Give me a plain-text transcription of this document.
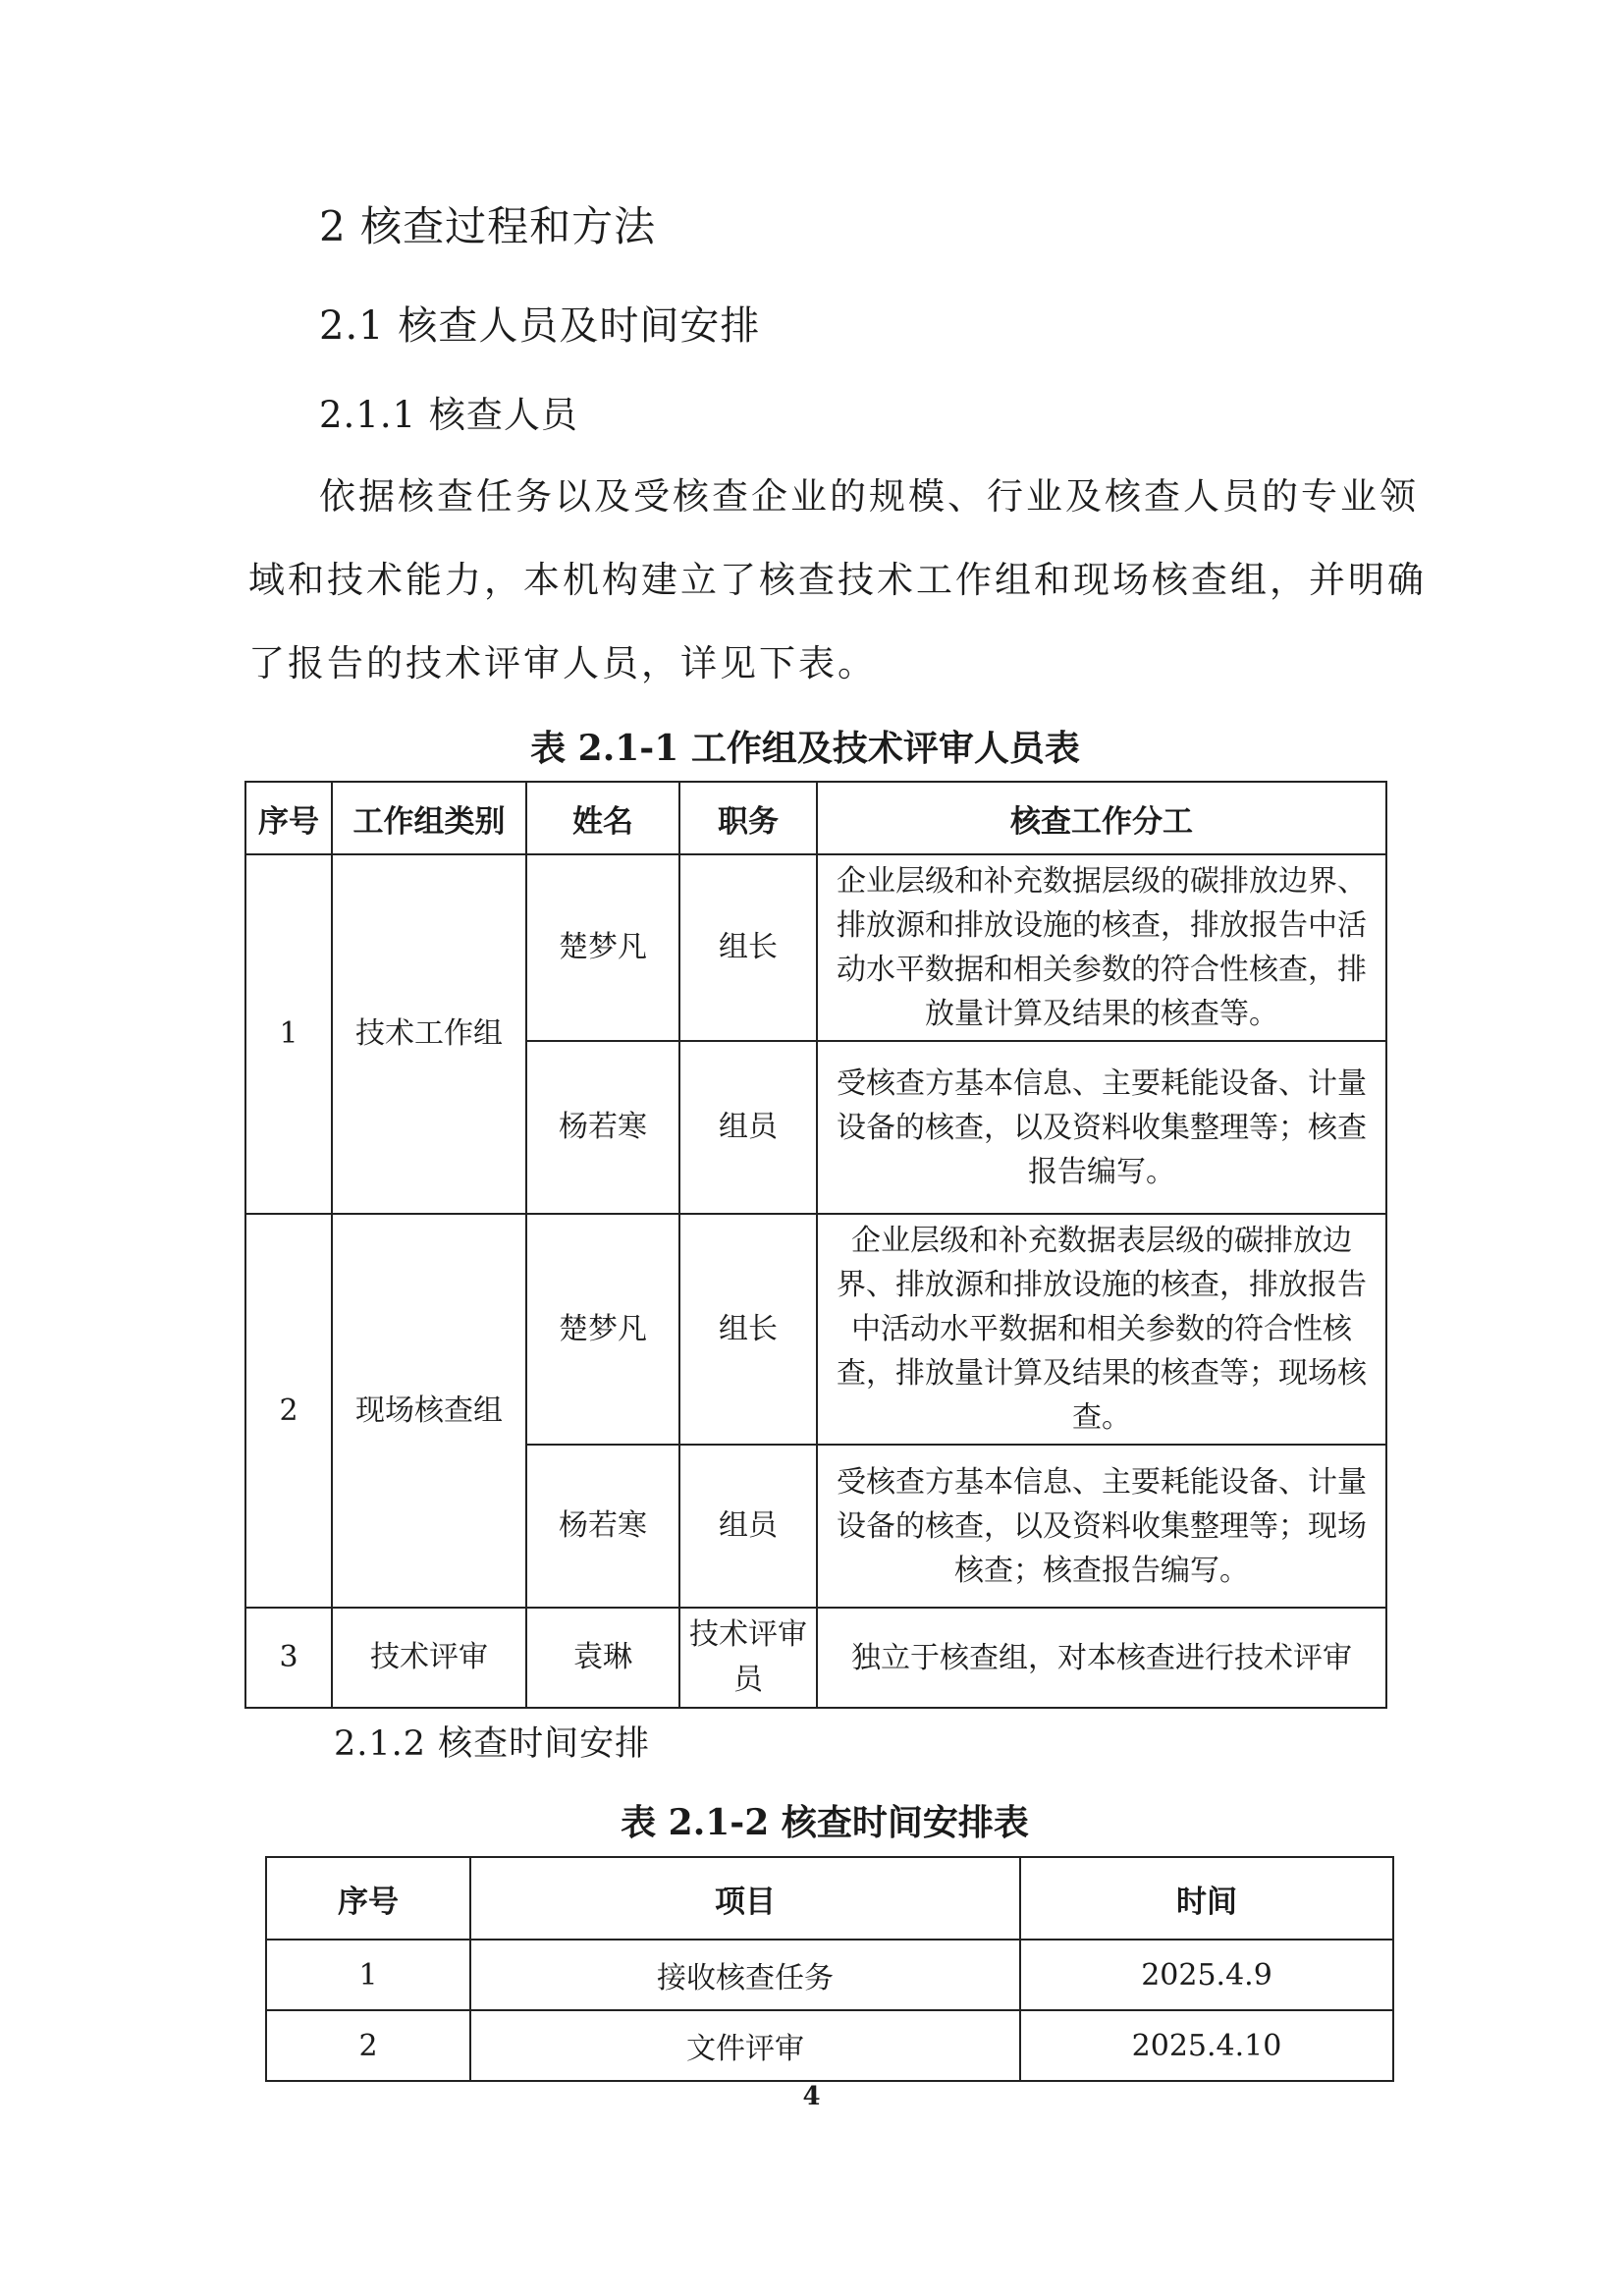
2 核查过程和方法
2.1 核查人员及时间安排
2.1.1 核查人员
依据核查任务以及受核查企业的规模、行业及核查人员的专业领
域和技术能力，本机构建立了核查技术工作组和现场核查组，并明确
了报告的技术评审人员，详见下表。
表 2.1-1 工作组及技术评审人员表
序号	工作组类别	姓名	职务	核查工作分工
1	技术工作组	楚梦凡	组长	企业层级和补充数据层级的碳排放边界、排放源和排放设施的核查，排放报告中活动水平数据和相关参数的符合性核查，排放量计算及结果的核查等。
		杨若寒	组员	受核查方基本信息、主要耗能设备、计量设备的核查，以及资料收集整理等；核查报告编写。
2	现场核查组	楚梦凡	组长	企业层级和补充数据表层级的碳排放边界、排放源和排放设施的核查，排放报告中活动水平数据和相关参数的符合性核查，排放量计算及结果的核查等；现场核查。
		杨若寒	组员	受核查方基本信息、主要耗能设备、计量设备的核查，以及资料收集整理等；现场核查；核查报告编写。
3	技术评审	袁琳	技术评审员	独立于核查组，对本核查进行技术评审
2.1.2 核查时间安排
表 2.1-2 核查时间安排表
序号	项目	时间
1	接收核查任务	2025.4.9
2	文件评审	2025.4.10
4
